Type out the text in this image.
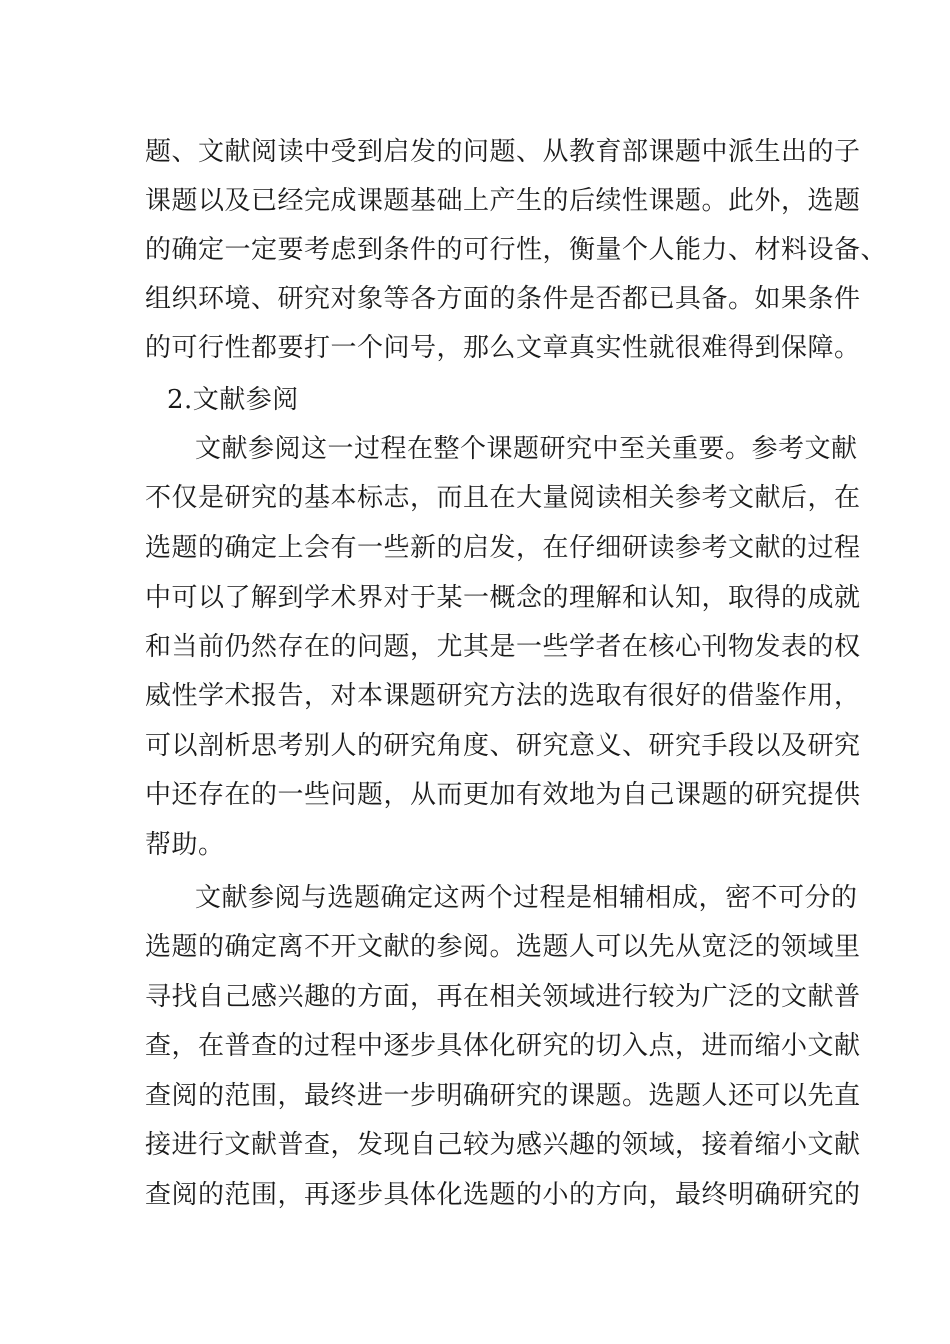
题、文献阅读中受到启发的问题、从教育部课题中派生出的子
课题以及已经完成课题基础上产生的后续性课题。此外，选题
的确定一定要考虑到条件的可行性，衡量个人能力、材料设备、
组织环境、研究对象等各方面的条件是否都已具备。如果条件
的可行性都要打一个问号，那么文章真实性就很难得到保障。
2.文献参阅
文献参阅这一过程在整个课题研究中至关重要。参考文献
不仅是研究的基本标志，而且在大量阅读相关参考文献后，在
选题的确定上会有一些新的启发，在仔细研读参考文献的过程
中可以了解到学术界对于某一概念的理解和认知，取得的成就
和当前仍然存在的问题，尤其是一些学者在核心刊物发表的权
威性学术报告，对本课题研究方法的选取有很好的借鉴作用，
可以剖析思考别人的研究角度、研究意义、研究手段以及研究
中还存在的一些问题，从而更加有效地为自己课题的研究提供
帮助。
文献参阅与选题确定这两个过程是相辅相成，密不可分的
选题的确定离不开文献的参阅。选题人可以先从宽泛的领域里
寻找自己感兴趣的方面，再在相关领域进行较为广泛的文献普
查，在普查的过程中逐步具体化研究的切入点，进而缩小文献
查阅的范围，最终进一步明确研究的课题。选题人还可以先直
接进行文献普查，发现自己较为感兴趣的领域，接着缩小文献
查阅的范围，再逐步具体化选题的小的方向，最终明确研究的
